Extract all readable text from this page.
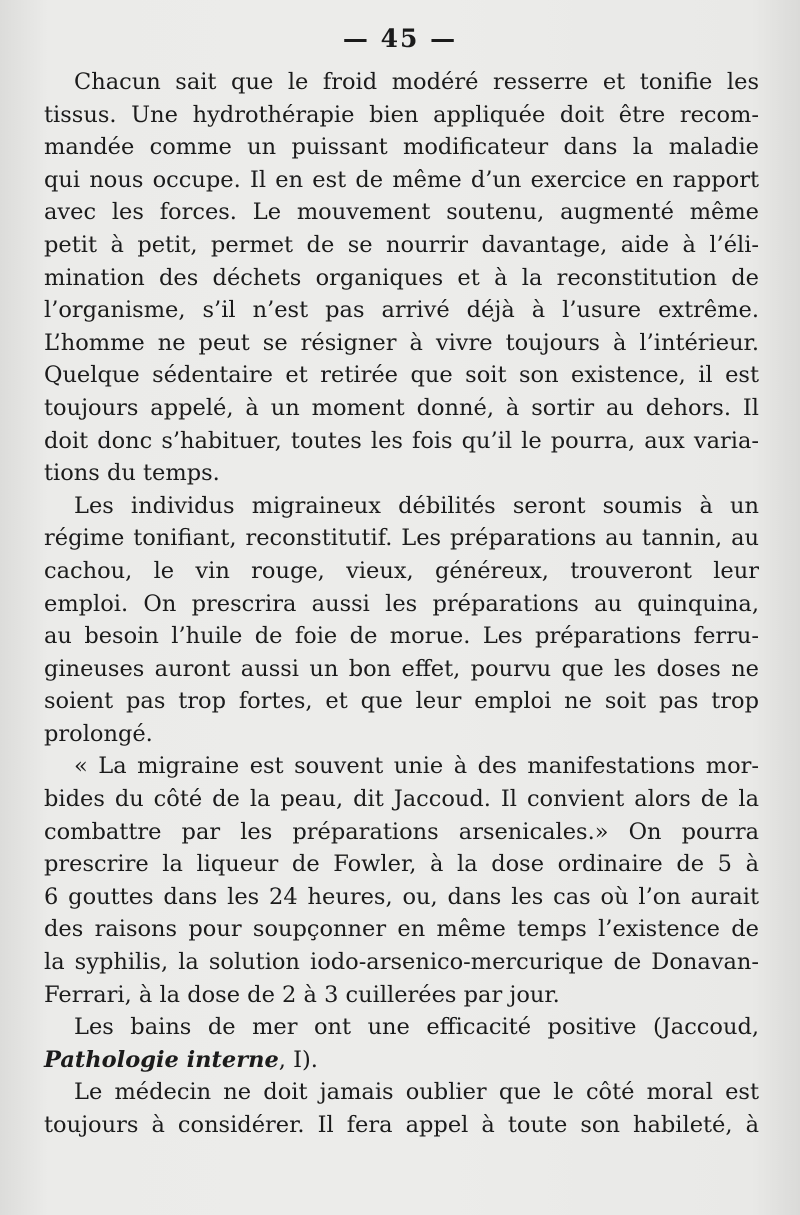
— 45 —
Chacun sait que le froid modéré resserre et tonifie les
tissus. Une hydrothérapie bien appliquée doit être recom-
mandée comme un puissant modificateur dans la maladie
qui nous occupe. Il en est de même d’un exercice en rapport
avec les forces. Le mouvement soutenu, augmenté même
petit à petit, permet de se nourrir davantage, aide à l’éli-
mination des déchets organiques et à la reconstitution de
l’organisme, s’il n’est pas arrivé déjà à l’usure extrême.
L’homme ne peut se résigner à vivre toujours à l’intérieur.
Quelque sédentaire et retirée que soit son existence, il est
toujours appelé, à un moment donné, à sortir au dehors. Il
doit donc s’habituer, toutes les fois qu’il le pourra, aux varia-
tions du temps.
Les individus migraineux débilités seront soumis à un
régime tonifiant, reconstitutif. Les préparations au tannin, au
cachou, le vin rouge, vieux, généreux, trouveront leur
emploi. On prescrira aussi les préparations au quinquina,
au besoin l’huile de foie de morue. Les préparations ferru-
gineuses auront aussi un bon effet, pourvu que les doses ne
soient pas trop fortes, et que leur emploi ne soit pas trop
prolongé.
« La migraine est souvent unie à des manifestations mor-
bides du côté de la peau, dit Jaccoud. Il convient alors de la
combattre par les préparations arsenicales.» On pourra
prescrire la liqueur de Fowler, à la dose ordinaire de 5 à
6 gouttes dans les 24 heures, ou, dans les cas où l’on aurait
des raisons pour soupçonner en même temps l’existence de
la syphilis, la solution iodo-arsenico-mercurique de Donavan-
Ferrari, à la dose de 2 à 3 cuillerées par jour.
Les bains de mer ont une efficacité positive (Jaccoud,
Pathologie interne, I).
Le médecin ne doit jamais oublier que le côté moral est
toujours à considérer. Il fera appel à toute son habileté, à
